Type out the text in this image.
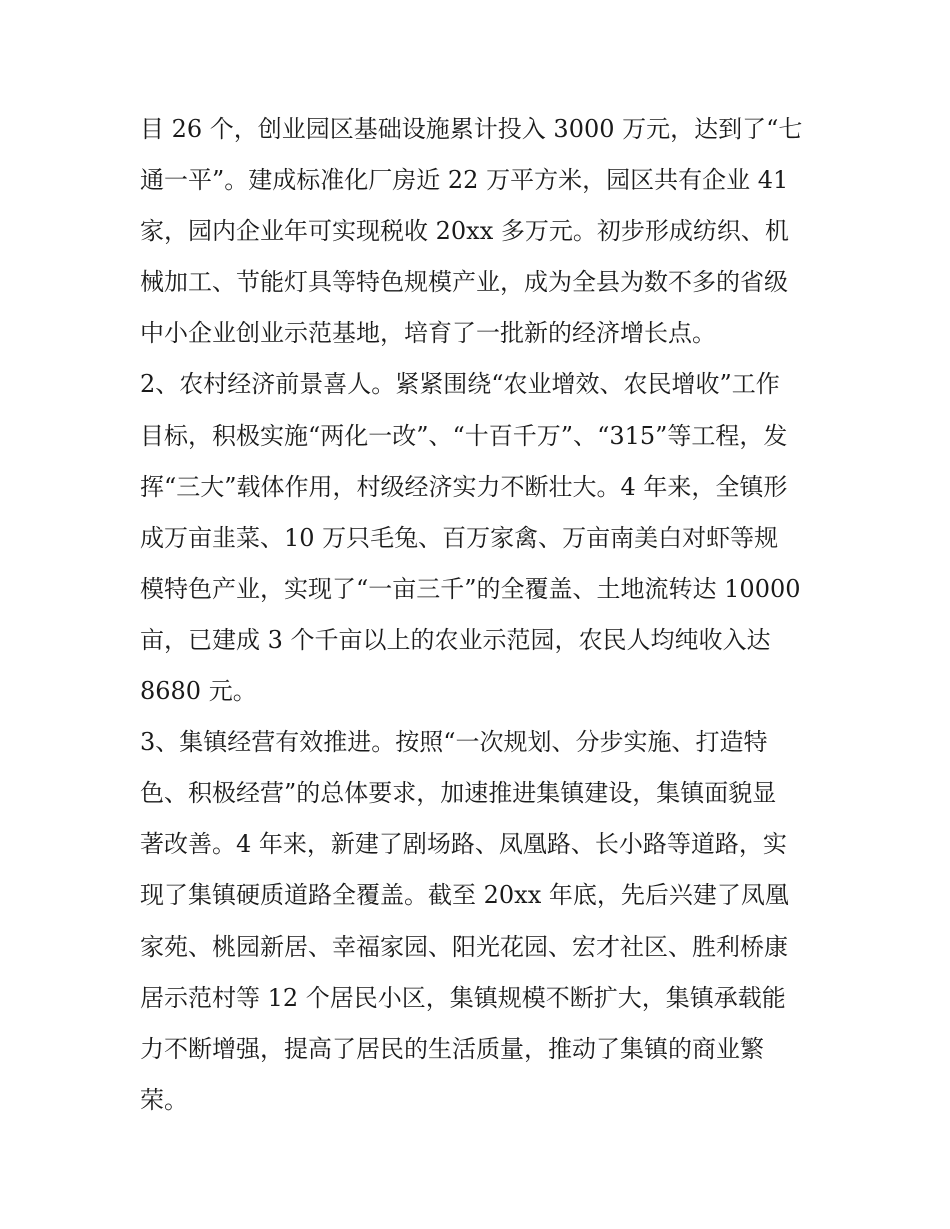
目 26 个，创业园区基础设施累计投入 3000 万元，达到了“七
通一平”。建成标准化厂房近 22 万平方米，园区共有企业 41
家，园内企业年可实现税收 20xx 多万元。初步形成纺织、机
械加工、节能灯具等特色规模产业，成为全县为数不多的省级
中小企业创业示范基地，培育了一批新的经济增长点。
2、农村经济前景喜人。紧紧围绕“农业增效、农民增收”工作
目标，积极实施“两化一改”、“十百千万”、“315”等工程，发
挥“三大”载体作用，村级经济实力不断壮大。4 年来，全镇形
成万亩韭菜、10 万只毛兔、百万家禽、万亩南美白对虾等规
模特色产业，实现了“一亩三千”的全覆盖、土地流转达 10000
亩，已建成 3 个千亩以上的农业示范园，农民人均纯收入达
8680 元。
3、集镇经营有效推进。按照“一次规划、分步实施、打造特
色、积极经营”的总体要求，加速推进集镇建设，集镇面貌显
著改善。4 年来，新建了剧场路、凤凰路、长小路等道路，实
现了集镇硬质道路全覆盖。截至 20xx 年底，先后兴建了凤凰
家苑、桃园新居、幸福家园、阳光花园、宏才社区、胜利桥康
居示范村等 12 个居民小区，集镇规模不断扩大，集镇承载能
力不断增强，提高了居民的生活质量，推动了集镇的商业繁
荣。
